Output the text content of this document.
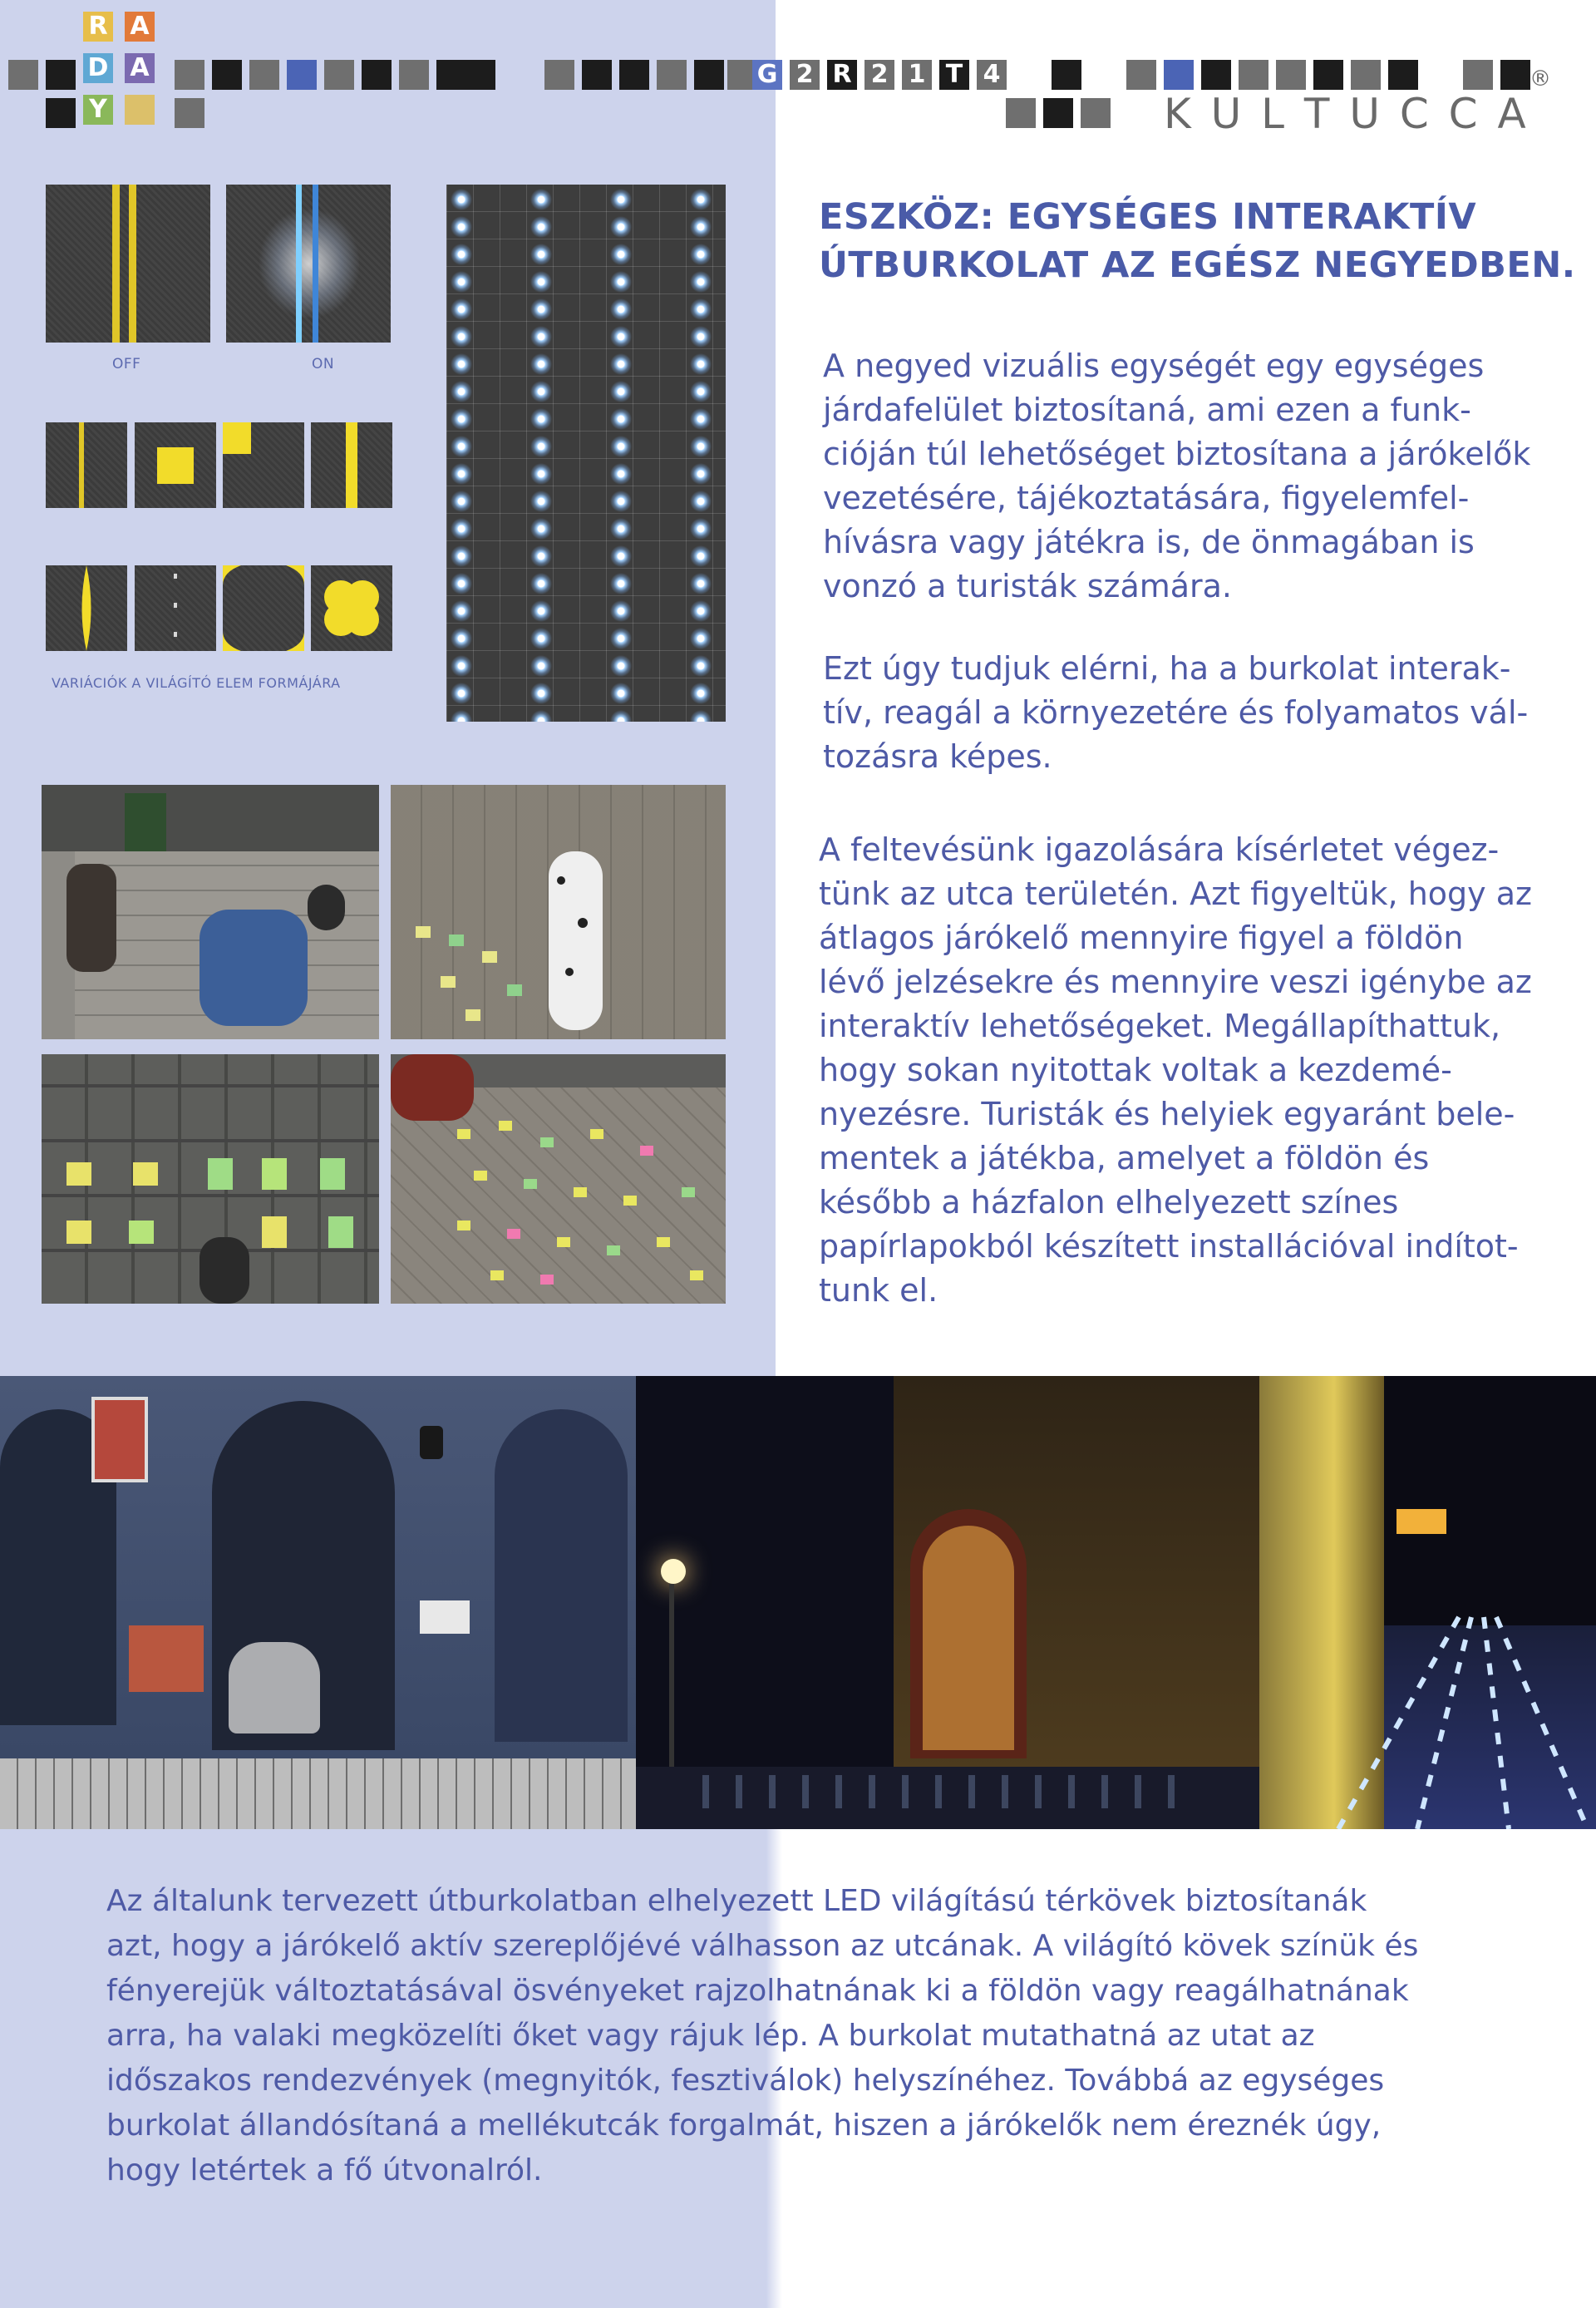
R A
D A
Y
G 2 R 2 1 T 4
K U L T U C C A
®
OFF	ON
VARIÁCIÓK A VILÁGÍTÓ ELEM FORMÁJÁRA
ESZKÖZ: EGYSÉGES INTERAKTÍV
ÚTBURKOLAT AZ EGÉSZ NEGYEDBEN.
A negyed vizuális egységét egy egységes
járdafelület biztosítaná, ami ezen a funk-
cióján túl lehetőséget biztosítana a járókelők
vezetésére, tájékoztatására, figyelemfel-
hívásra vagy játékra is, de önmagában is
vonzó a turisták számára.
Ezt úgy tudjuk elérni, ha a burkolat interak-
tív, reagál a környezetére és folyamatos vál-
tozásra képes.
A feltevésünk igazolására kísérletet végez-
tünk az utca területén. Azt figyeltük, hogy az
átlagos járókelő mennyire figyel a földön
lévő jelzésekre és mennyire veszi igénybe az
interaktív lehetőségeket. Megállapíthattuk,
hogy sokan nyitottak voltak a kezdemé-
nyezésre. Turisták és helyiek egyaránt bele-
mentek a játékba, amelyet a földön és
később a házfalon elhelyezett színes
papírlapokból készített installációval indítot-
tunk el.
Az általunk tervezett útburkolatban elhelyezett LED világítású térkövek biztosítanák
azt, hogy a járókelő aktív szereplőjévé válhasson az utcának. A világító kövek színük és
fényerejük változtatásával ösvényeket rajzolhatnának ki a földön vagy reagálhatnának
arra, ha valaki megközelíti őket vagy rájuk lép. A burkolat mutathatná az utat az
időszakos rendezvények (megnyitók, fesztiválok) helyszínéhez. Továbbá az egységes
burkolat állandósítaná a mellékutcák forgalmát, hiszen a járókelők nem éreznék úgy,
hogy letértek a fő útvonalról.
